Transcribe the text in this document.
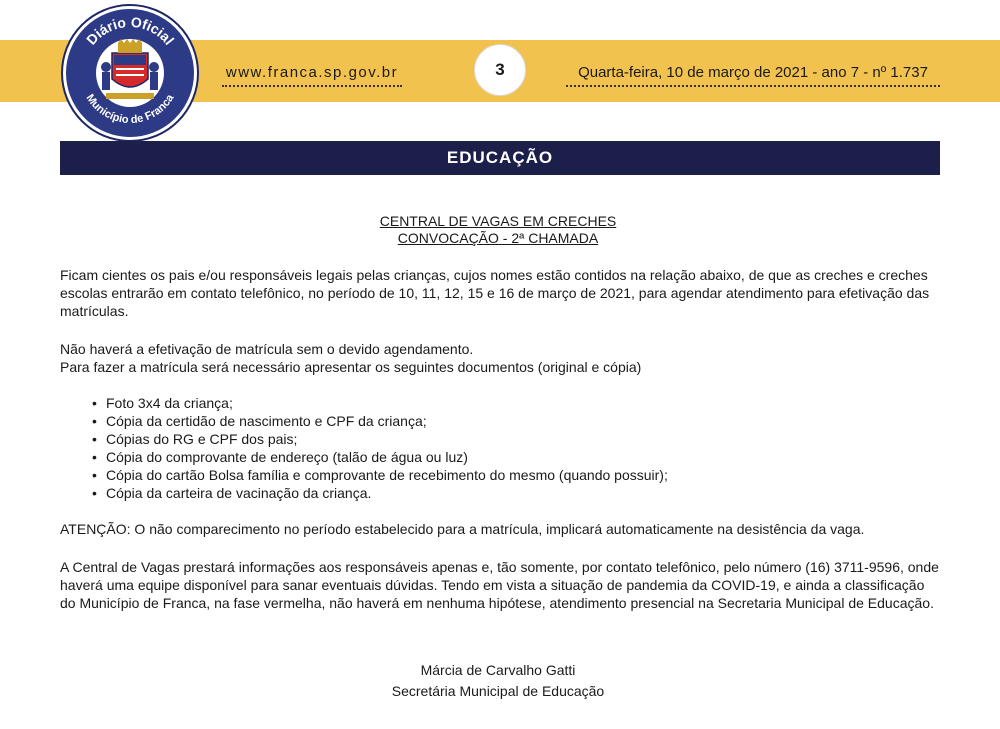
Diário Oficial
Município de Franca
www.franca.sp.gov.br	3	Quarta-feira, 10 de março de 2021 - ano 7 - nº 1.737
EDUCAÇÃO
CENTRAL DE VAGAS EM CRECHES
CONVOCAÇÃO - 2ª CHAMADA
Ficam cientes os pais e/ou responsáveis legais pelas crianças, cujos nomes estão contidos na relação abaixo, de que as creches e creches escolas entrarão em contato telefônico, no período de 10, 11, 12, 15 e 16 de março de 2021, para agendar atendimento para efetivação das matrículas.
Não haverá a efetivação de matrícula sem o devido agendamento.
Para fazer a matrícula será necessário apresentar os seguintes documentos (original e cópia)
• Foto 3x4 da criança;
• Cópia da certidão de nascimento e CPF da criança;
• Cópias do RG e CPF dos pais;
• Cópia do comprovante de endereço (talão de água ou luz)
• Cópia do cartão Bolsa família e comprovante de recebimento do mesmo (quando possuir);
• Cópia da carteira de vacinação da criança.
ATENÇÃO: O não comparecimento no período estabelecido para a matrícula, implicará automaticamente na desistência da vaga.
A Central de Vagas prestará informações aos responsáveis apenas e, tão somente, por contato telefônico, pelo número (16) 3711-9596, onde haverá uma equipe disponível para sanar eventuais dúvidas. Tendo em vista a situação de pandemia da COVID-19, e ainda a classificação do Município de Franca, na fase vermelha, não haverá em nenhuma hipótese, atendimento presencial na Secretaria Municipal de Educação.
Márcia de Carvalho Gatti
Secretária Municipal de Educação
